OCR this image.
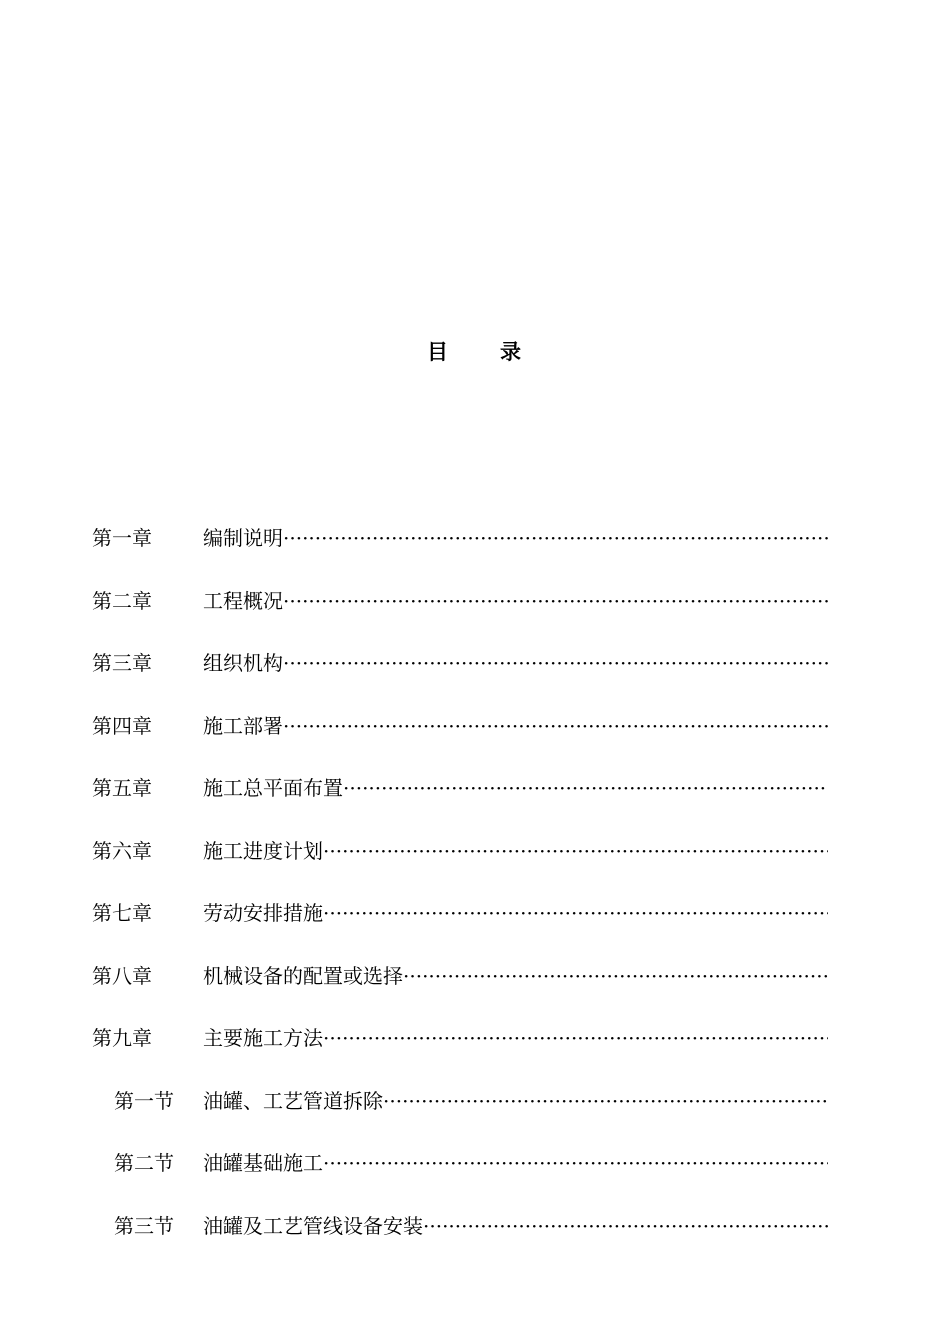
目 录
第一章	编制说明
·····
第二章	工程概况
·····
第三章	组织机构
·····
第四章	施工部署
·····
第五章	施工总平面布置
·····
第六章	施工进度计划
·····
第七章	劳动安排措施
·····
第八章	机械设备的配置或选择
·····
第九章	主要施工方法
·····
第一节	油罐、工艺管道拆除
·····
第二节	油罐基础施工
·····
第三节	油罐及工艺管线设备安装
·····
